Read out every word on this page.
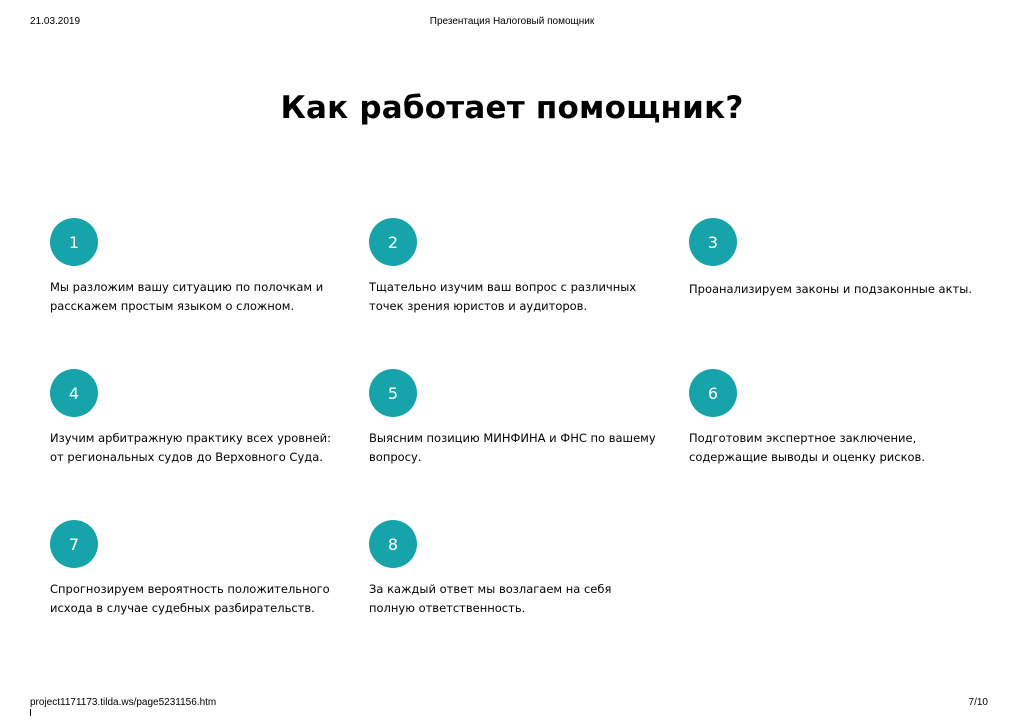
21.03.2019	Презентация Налоговый помощник
Как работает помощник?
1
Мы разложим вашу ситуацию по полочкам и расскажем простым языком о сложном.
2
Тщательно изучим ваш вопрос с различных точек зрения юристов и аудиторов.
3
Проанализируем законы и подзаконные акты.
4
Изучим арбитражную практику всех уровней: от региональных судов до Верховного Суда.
5
Выясним позицию МИНФИНА и ФНС по вашему вопросу.
6
Подготовим экспертное заключение, содержащие выводы и оценку рисков.
7
Спрогнозируем вероятность положительного исхода в случае судебных разбирательств.
8
За каждый ответ мы возлагаем на себя полную ответственность.
project1171173.tilda.ws/page5231156.htm	7/10
